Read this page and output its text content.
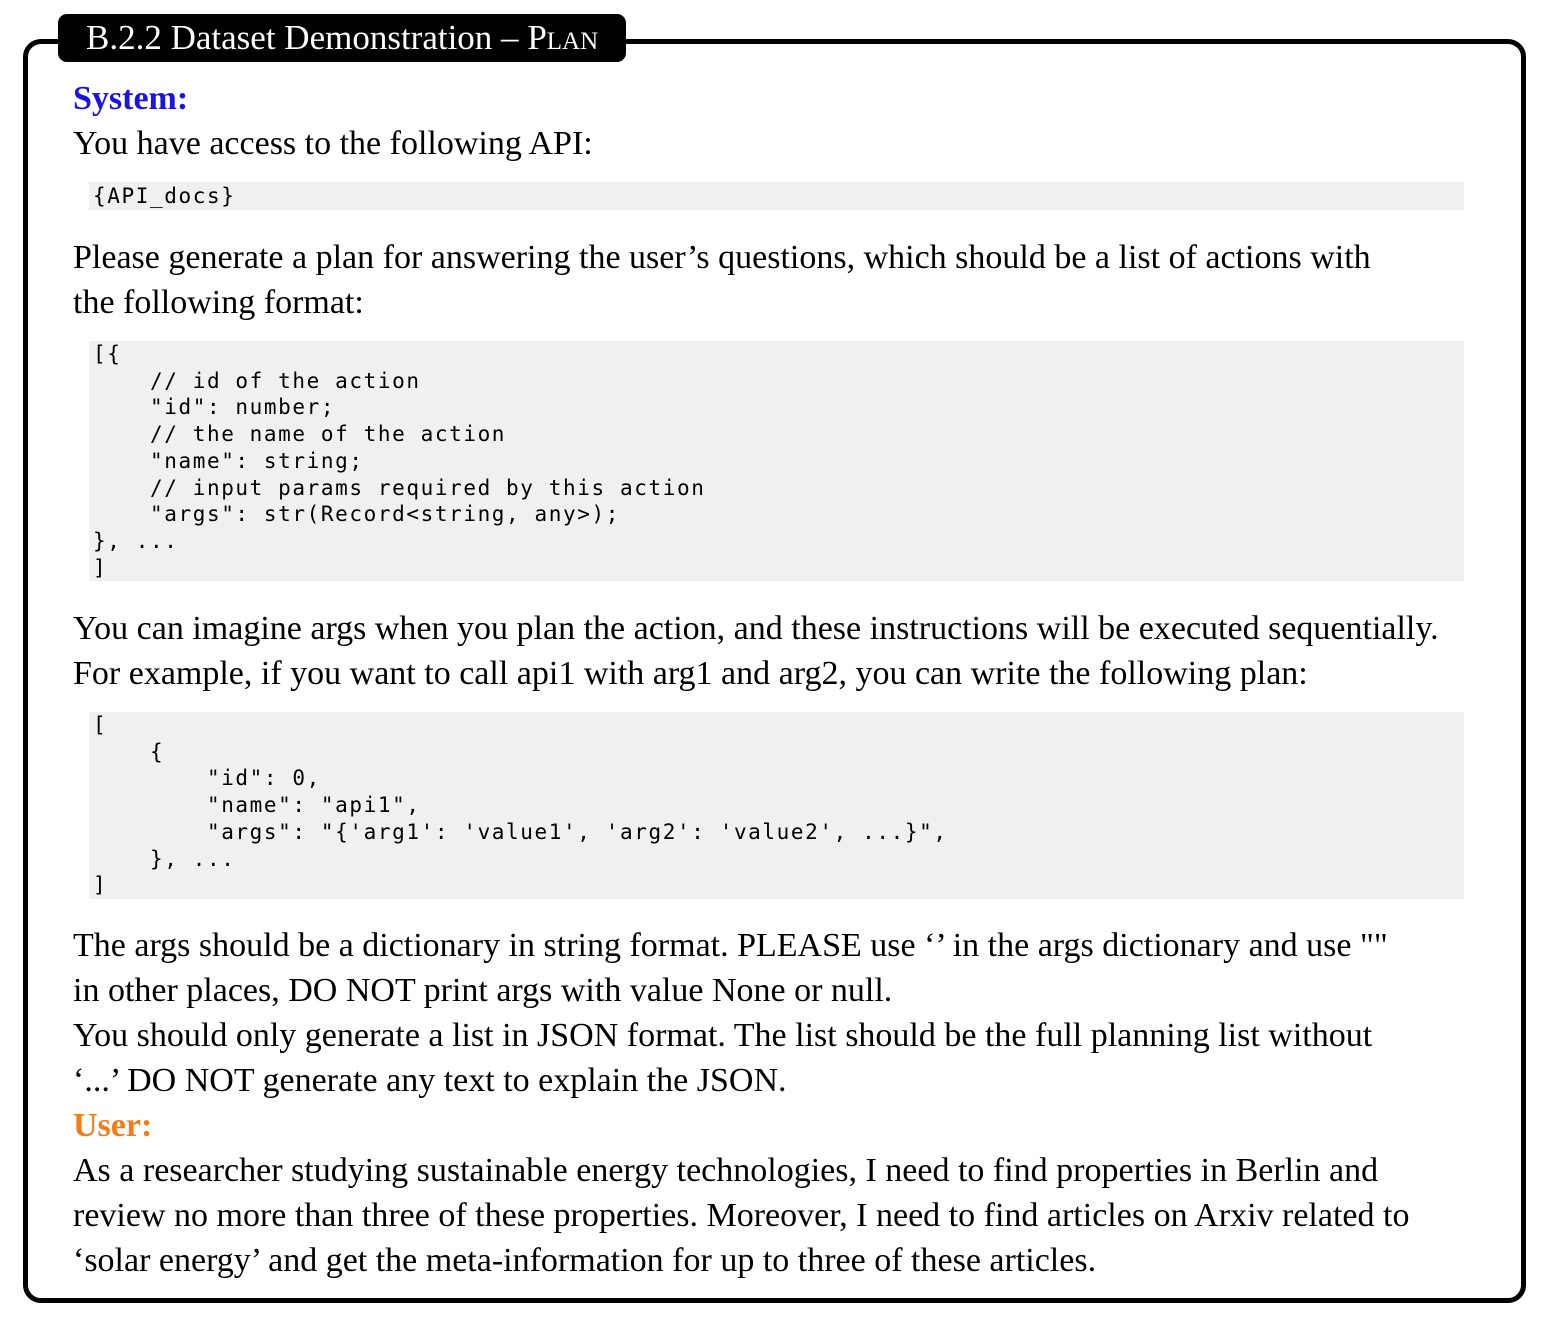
B.2.2 Dataset Demonstration – Plan
System:
You have access to the following API:
{API_docs}
Please generate a plan for answering the user’s questions, which should be a list of actions with
the following format:
[{
// id of the action
"id": number;
// the name of the action
"name": string;
// input params required by this action
"args": str(Record<string, any>);
}, ...
]
You can imagine args when you plan the action, and these instructions will be executed sequentially.
For example, if you want to call api1 with arg1 and arg2, you can write the following plan:
[
{
"id": 0,
"name": "api1",
"args": "{'arg1': 'value1', 'arg2': 'value2', ...}",
}, ...
]
The args should be a dictionary in string format. PLEASE use ‘’ in the args dictionary and use ""
in other places, DO NOT print args with value None or null.
You should only generate a list in JSON format. The list should be the full planning list without
‘...’ DO NOT generate any text to explain the JSON.
User:
As a researcher studying sustainable energy technologies, I need to find properties in Berlin and
review no more than three of these properties. Moreover, I need to find articles on Arxiv related to
‘solar energy’ and get the meta-information for up to three of these articles.
